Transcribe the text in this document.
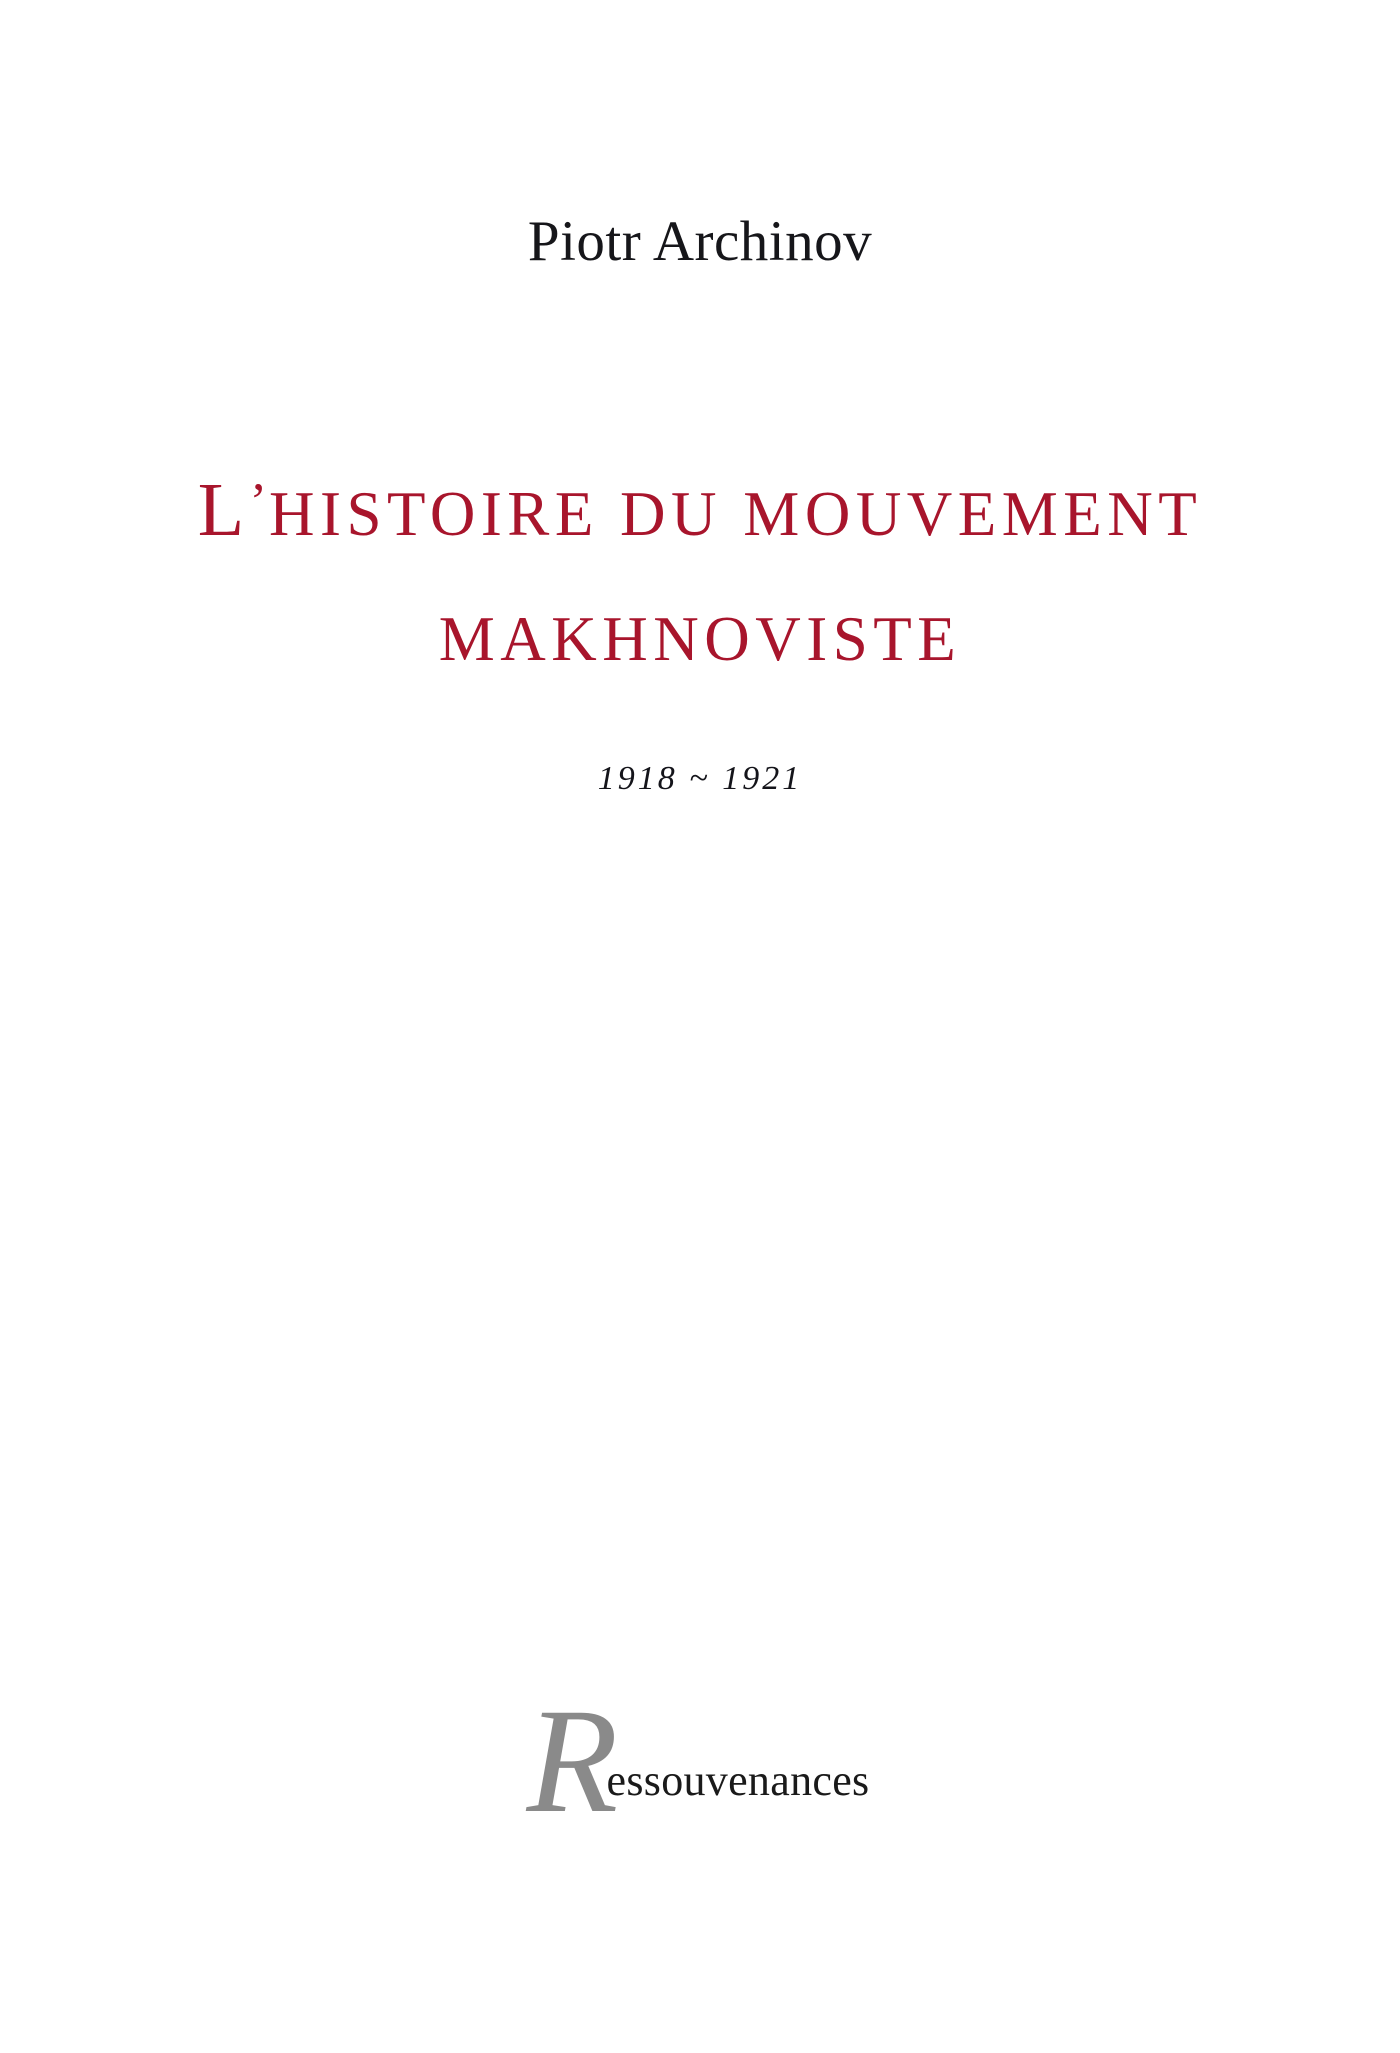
Piotr Archinov
L’HISTOIRE DU MOUVEMENT
MAKHNOVISTE
1918 ~ 1921
R
essouvenances
